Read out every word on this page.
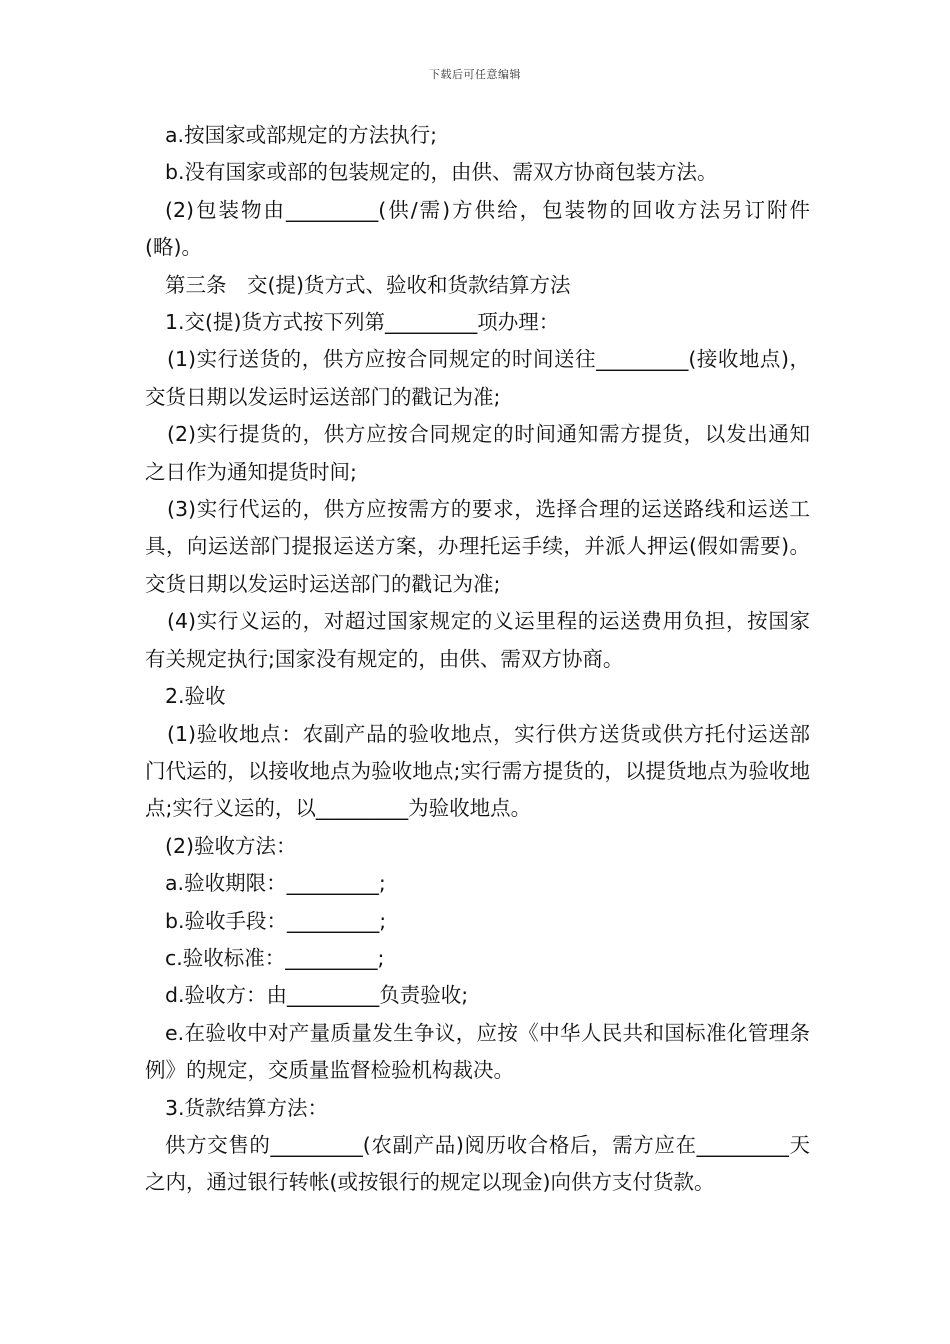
下载后可任意编辑

a.按国家或部规定的方法执行;

b.没有国家或部的包装规定的，由供、需双方协商包装方法。

(2)包装物由_________(供/需)方供给，包装物的回收方法另订附件(略)。

第三条　交(提)货方式、验收和货款结算方法

1.交(提)货方式按下列第_________项办理：

(1)实行送货的，供方应按合同规定的时间送往_________(接收地点)，交货日期以发运时运送部门的戳记为准;

(2)实行提货的，供方应按合同规定的时间通知需方提货，以发出通知之日作为通知提货时间;

(3)实行代运的，供方应按需方的要求，选择合理的运送路线和运送工具，向运送部门提报运送方案，办理托运手续，并派人押运(假如需要)。交货日期以发运时运送部门的戳记为准;

(4)实行义运的，对超过国家规定的义运里程的运送费用负担，按国家有关规定执行;国家没有规定的，由供、需双方协商。

2.验收

(1)验收地点：农副产品的验收地点，实行供方送货或供方托付运送部门代运的，以接收地点为验收地点;实行需方提货的，以提货地点为验收地点;实行义运的，以_________为验收地点。

(2)验收方法：

a.验收期限：_________;

b.验收手段：_________;

c.验收标准：_________;

d.验收方：由_________负责验收;

e.在验收中对产量质量发生争议，应按《中华人民共和国标准化管理条例》的规定，交质量监督检验机构裁决。

3.货款结算方法：

供方交售的_________(农副产品)阅历收合格后，需方应在_________天之内，通过银行转帐(或按银行的规定以现金)向供方支付货款。
